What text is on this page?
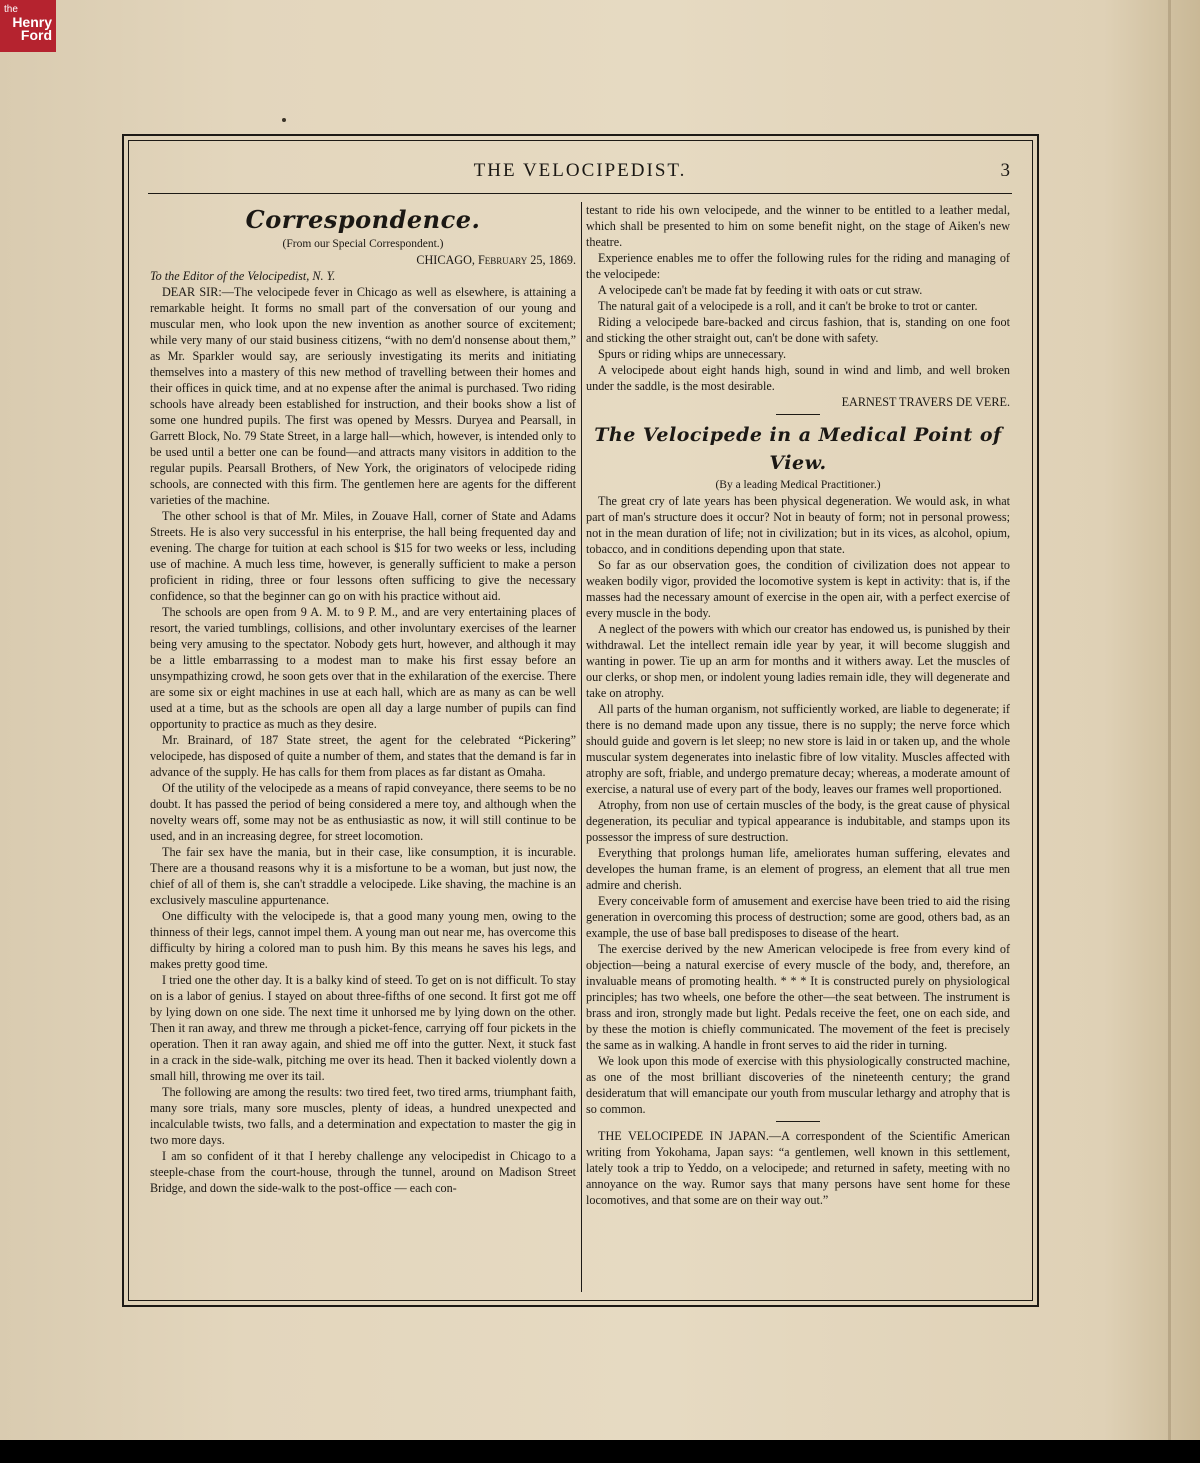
the
Henry
Ford
THE VELOCIPEDIST.	3
Correspondence.

(From our Special Correspondent.)

CHICAGO, February 25, 1869.

To the Editor of the Velocipedist, N. Y.

DEAR SIR:—The velocipede fever in Chicago as well as elsewhere, is attaining a remarkable height. It forms no small part of the conversation of our young and muscular men, who look upon the new invention as another source of excitement; while very many of our staid business citizens, “with no dem'd nonsense about them,” as Mr. Sparkler would say, are seriously investigating its merits and initiating themselves into a mastery of this new method of travelling between their homes and their offices in quick time, and at no expense after the animal is purchased. Two riding schools have already been established for instruction, and their books show a list of some one hundred pupils. The first was opened by Messrs. Duryea and Pearsall, in Garrett Block, No. 79 State Street, in a large hall—which, however, is intended only to be used until a better one can be found—and attracts many visitors in addition to the regular pupils. Pearsall Brothers, of New York, the originators of velocipede riding schools, are connected with this firm. The gentlemen here are agents for the different varieties of the machine.

The other school is that of Mr. Miles, in Zouave Hall, corner of State and Adams Streets. He is also very successful in his enterprise, the hall being frequented day and evening. The charge for tuition at each school is $15 for two weeks or less, including use of machine. A much less time, however, is generally sufficient to make a person proficient in riding, three or four lessons often sufficing to give the necessary confidence, so that the beginner can go on with his practice without aid.

The schools are open from 9 A. M. to 9 P. M., and are very entertaining places of resort, the varied tumblings, collisions, and other involuntary exercises of the learner being very amusing to the spectator. Nobody gets hurt, however, and although it may be a little embarrassing to a modest man to make his first essay before an unsympathizing crowd, he soon gets over that in the exhilaration of the exercise. There are some six or eight machines in use at each hall, which are as many as can be well used at a time, but as the schools are open all day a large number of pupils can find opportunity to practice as much as they desire.

Mr. Brainard, of 187 State street, the agent for the celebrated “Pickering” velocipede, has disposed of quite a number of them, and states that the demand is far in advance of the supply. He has calls for them from places as far distant as Omaha.

Of the utility of the velocipede as a means of rapid conveyance, there seems to be no doubt. It has passed the period of being considered a mere toy, and although when the novelty wears off, some may not be as enthusiastic as now, it will still continue to be used, and in an increasing degree, for street locomotion.

The fair sex have the mania, but in their case, like consumption, it is incurable. There are a thousand reasons why it is a misfortune to be a woman, but just now, the chief of all of them is, she can't straddle a velocipede. Like shaving, the machine is an exclusively masculine appurtenance.

One difficulty with the velocipede is, that a good many young men, owing to the thinness of their legs, cannot impel them. A young man out near me, has overcome this difficulty by hiring a colored man to push him. By this means he saves his legs, and makes pretty good time.

I tried one the other day. It is a balky kind of steed. To get on is not difficult. To stay on is a labor of genius. I stayed on about three-fifths of one second. It first got me off by lying down on one side. The next time it unhorsed me by lying down on the other. Then it ran away, and threw me through a picket-fence, carrying off four pickets in the operation. Then it ran away again, and shied me off into the gutter. Next, it stuck fast in a crack in the side-walk, pitching me over its head. Then it backed violently down a small hill, throwing me over its tail.

The following are among the results: two tired feet, two tired arms, triumphant faith, many sore trials, many sore muscles, plenty of ideas, a hundred unexpected and incalculable twists, two falls, and a determination and expectation to master the gig in two more days.

I am so confident of it that I hereby challenge any velocipedist in Chicago to a steeple-chase from the court-house, through the tunnel, around on Madison Street Bridge, and down the side-walk to the post-office — each con-

testant to ride his own velocipede, and the winner to be entitled to a leather medal, which shall be presented to him on some benefit night, on the stage of Aiken's new theatre.

Experience enables me to offer the following rules for the riding and managing of the velocipede:

A velocipede can't be made fat by feeding it with oats or cut straw.

The natural gait of a velocipede is a roll, and it can't be broke to trot or canter.

Riding a velocipede bare-backed and circus fashion, that is, standing on one foot and sticking the other straight out, can't be done with safety.

Spurs or riding whips are unnecessary.

A velocipede about eight hands high, sound in wind and limb, and well broken under the saddle, is the most desirable.

EARNEST TRAVERS DE VERE.

The Velocipede in a Medical Point of View.

(By a leading Medical Practitioner.)

The great cry of late years has been physical degeneration. We would ask, in what part of man's structure does it occur? Not in beauty of form; not in personal prowess; not in the mean duration of life; not in civilization; but in its vices, as alcohol, opium, tobacco, and in conditions depending upon that state.

So far as our observation goes, the condition of civilization does not appear to weaken bodily vigor, provided the locomotive system is kept in activity: that is, if the masses had the necessary amount of exercise in the open air, with a perfect exercise of every muscle in the body.

A neglect of the powers with which our creator has endowed us, is punished by their withdrawal. Let the intellect remain idle year by year, it will become sluggish and wanting in power. Tie up an arm for months and it withers away. Let the muscles of our clerks, or shop men, or indolent young ladies remain idle, they will degenerate and take on atrophy.

All parts of the human organism, not sufficiently worked, are liable to degenerate; if there is no demand made upon any tissue, there is no supply; the nerve force which should guide and govern is let sleep; no new store is laid in or taken up, and the whole muscular system degenerates into inelastic fibre of low vitality. Muscles affected with atrophy are soft, friable, and undergo premature decay; whereas, a moderate amount of exercise, a natural use of every part of the body, leaves our frames well proportioned.

Atrophy, from non use of certain muscles of the body, is the great cause of physical degeneration, its peculiar and typical appearance is indubitable, and stamps upon its possessor the impress of sure destruction.

Everything that prolongs human life, ameliorates human suffering, elevates and developes the human frame, is an element of progress, an element that all true men admire and cherish.

Every conceivable form of amusement and exercise have been tried to aid the rising generation in overcoming this process of destruction; some are good, others bad, as an example, the use of base ball predisposes to disease of the heart.

The exercise derived by the new American velocipede is free from every kind of objection—being a natural exercise of every muscle of the body, and, therefore, an invaluable means of promoting health. * * * It is constructed purely on physiological principles; has two wheels, one before the other—the seat between. The instrument is brass and iron, strongly made but light. Pedals receive the feet, one on each side, and by these the motion is chiefly communicated. The movement of the feet is precisely the same as in walking. A handle in front serves to aid the rider in turning.

We look upon this mode of exercise with this physiologically constructed machine, as one of the most brilliant discoveries of the nineteenth century; the grand desideratum that will emancipate our youth from muscular lethargy and atrophy that is so common.

THE VELOCIPEDE IN JAPAN.—A correspondent of the Scientific American writing from Yokohama, Japan says: “a gentlemen, well known in this settlement, lately took a trip to Yeddo, on a velocipede; and returned in safety, meeting with no annoyance on the way. Rumor says that many persons have sent home for these locomotives, and that some are on their way out.”
